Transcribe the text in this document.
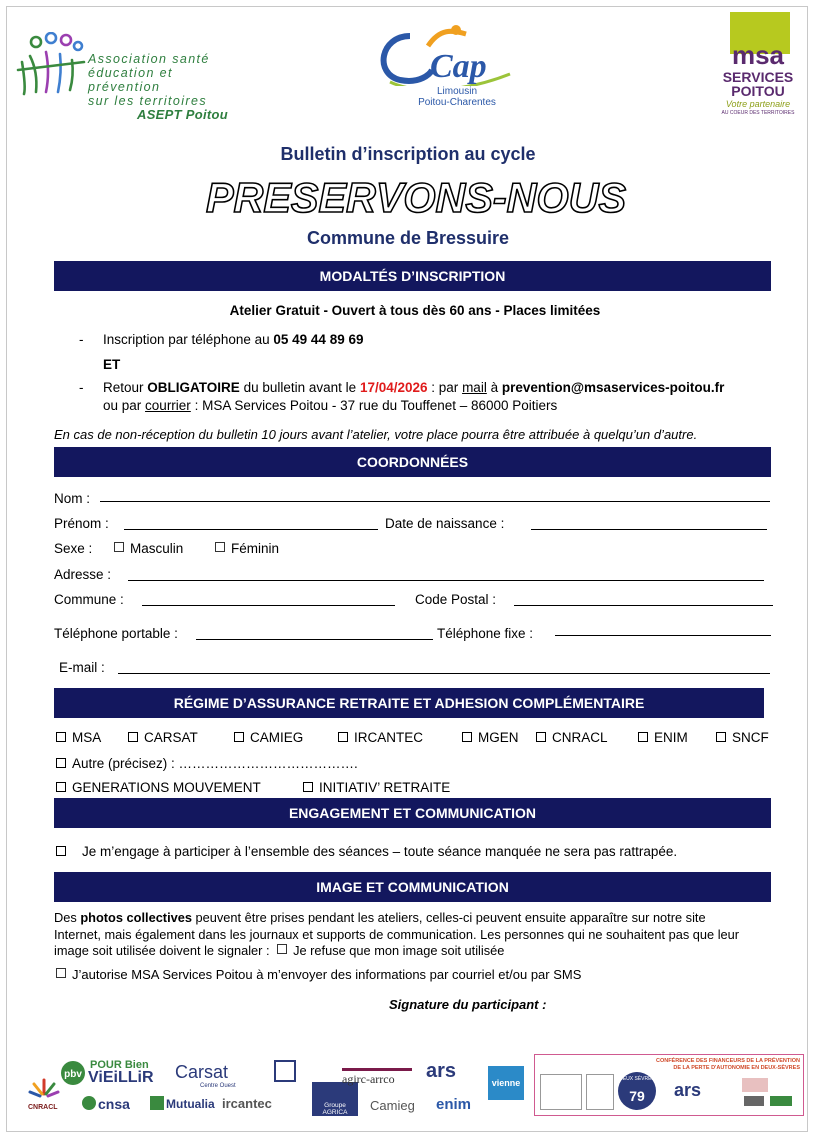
Association santé
éducation et prévention
sur les territoires
ASEPT Poitou
Cap
Limousin
Poitou-Charentes
msa
SERVICES
POITOU
Votre partenaire
AU COEUR DES TERRITOIRES
Bulletin d’inscription au cycle
PRESERVONS-NOUS
Commune de Bressuire
MODALTÉS D’INSCRIPTION
Atelier Gratuit - Ouvert à tous dès 60 ans - Places limitées
- Inscription par téléphone au 05 49 44 89 69
ET
- Retour OBLIGATOIRE du bulletin avant le 17/04/2026 : par mail à prevention@msaservices-poitou.fr
ou par courrier : MSA Services Poitou - 37 rue du Touffenet – 86000 Poitiers
En cas de non-réception du bulletin 10 jours avant l’atelier, votre place pourra être attribuée à quelqu’un d’autre.
COORDONNÉES
Nom :
Prénom :	Date de naissance :
Sexe :	Masculin	Féminin
Adresse :
Commune :	Code Postal :
Téléphone portable :	Téléphone fixe :
E-mail :
RÉGIME D’ASSURANCE RETRAITE ET ADHESION COMPLÉMENTAIRE
MSA	CARSAT	CAMIEG	IRCANTEC	MGEN	CNRACL	ENIM	SNCF
Autre (précisez) : ………………………………….
GENERATIONS MOUVEMENT	INITIATIV’ RETRAITE
ENGAGEMENT ET COMMUNICATION
Je m’engage à participer à l’ensemble des séances – toute séance manquée ne sera pas rattrapée.
IMAGE ET COMMUNICATION
Des photos collectives peuvent être prises pendant les ateliers, celles-ci peuvent ensuite apparaître sur notre site
Internet, mais également dans les journaux et supports de communication. Les personnes qui ne souhaitent pas que leur
image soit utilisée doivent le signaler : Je refuse que mon image soit utilisée
J’autorise MSA Services Poitou à m’envoyer des informations par courriel et/ou par SMS
Signature du participant :
CNRACL
pbv
POUR Bien
ViEiLLiR
cnsa
Carsat
Centre Ouest
Mutualia ircantec	Groupe AGRICA
agirc-arrco
Camieg
ars
enim
vienne
CONFÉRENCE DES FINANCEURS DE LA PRÉVENTION
DE LA PERTE D'AUTONOMIE EN DEUX-SÈVRES
DEUX SÈVRES
79	ars
